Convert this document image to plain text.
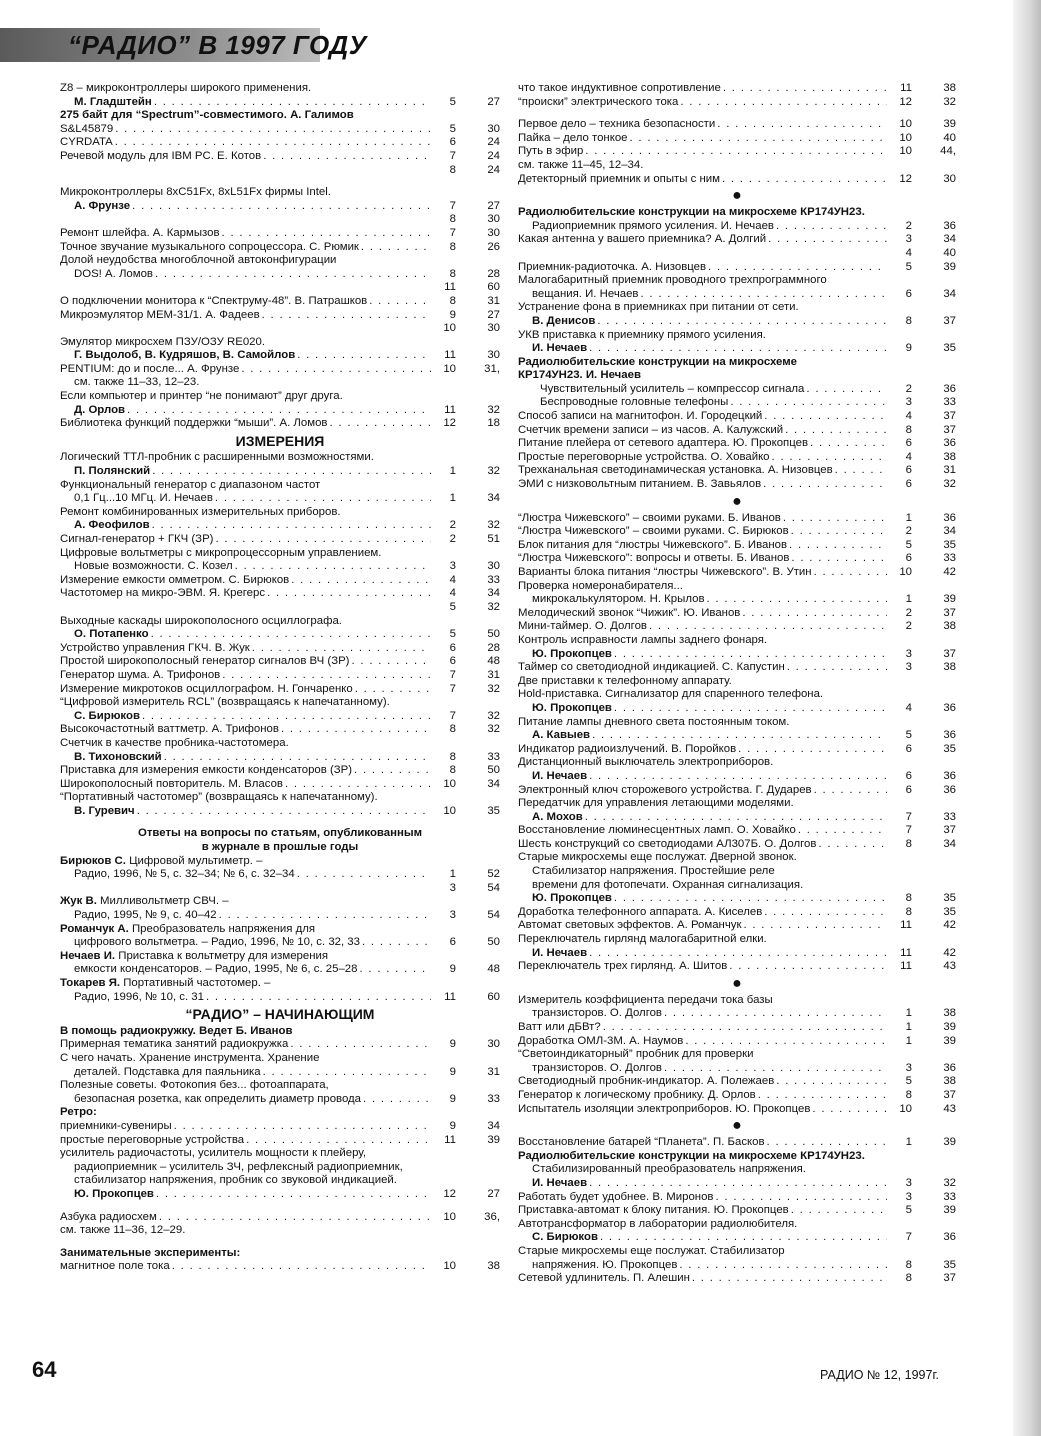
“РАДИО” В 1997 ГОДУ
Z8 – микроконтроллеры широкого применения.
М. Гладштейн . . .	5	27
275 байт для “Spectrum”-совместимого. А. Галимов
S&L45879 . . .	5	30
CYRDATA . . .	6	24
Речевой модуль для IBM PC. Е. Котов . . .	7	24
8	24
Микроконтроллеры 8xC51Fx, 8xL51Fx фирмы Intel.
А. Фрунзе . . .	7	27
8	30
Ремонт шлейфа. А. Кармызов . . .	7	30
Точное звучание музыкального сопроцессора. С. Рюмик . . .	8	26
Долой неудобства многоблочной автоконфигурации
DOS! А. Ломов . . .	8	28
11	60
О подключении монитора к “Спектруму-48”. В. Патрашков . . .	8	31
Микроэмулятор МЕМ-31/1. А. Фадеев . . .	9	27
10	30
Эмулятор микросхем ПЗУ/ОЗУ RE020.
Г. Выдолоб, В. Кудряшов, В. Самойлов . . .	11	30
PENTIUM: до и после... А. Фрунзе . . .	10	31,
см. также 11–33, 12–23.
Если компьютер и принтер “не понимают” друг друга.
Д. Орлов . . .	11	32
Библиотека функций поддержки “мыши”. А. Ломов . . .	12	18
ИЗМЕРЕНИЯ
Логический ТТЛ-пробник с расширенными возможностями.
П. Полянский . . .	1	32
Функциональный генератор с диапазоном частот
0,1 Гц...10 МГц. И. Нечаев . . .	1	34
Ремонт комбинированных измерительных приборов.
А. Феофилов . . .	2	32
Сигнал-генератор + ГКЧ (ЗР) . . .	2	51
Цифровые вольтметры с микропроцессорным управлением.
Новые возможности. С. Козел . . .	3	30
Измерение емкости омметром. С. Бирюков . . .	4	33
Частотомер на микро-ЭВМ. Я. Крегерс . . .	4	34
5	32
Выходные каскады широкополосного осциллографа.
О. Потапенко . . .	5	50
Устройство управления ГКЧ. В. Жук . . .	6	28
Простой широкополосный генератор сигналов ВЧ (ЗР) . . .	6	48
Генератор шума. А. Трифонов . . .	7	31
Измерение микротоков осциллографом. Н. Гончаренко . . .	7	32
“Цифровой измеритель RCL” (возвращаясь к напечатанному).
С. Бирюков . . .	7	32
Высокочастотный ваттметр. А. Трифонов . . .	8	32
Счетчик в качестве пробника-частотомера.
В. Тихоновский . . .	8	33
Приставка для измерения емкости конденсаторов (ЗР) . . .	8	50
Широкополосный повторитель. М. Власов . . .	10	34
“Портативный частотомер” (возвращаясь к напечатанному).
В. Гуревич . . .	10	35
Ответы на вопросы по статьям, опубликованным
в журнале в прошлые годы
Бирюков С. Цифровой мультиметр. –
Радио, 1996, № 5, с. 32–34; № 6, с. 32–34 . . .	1	52
3	54
Жук В. Милливольтметр СВЧ. –
Радио, 1995, № 9, с. 40–42 . . .	3	54
Романчук А. Преобразователь напряжения для
цифрового вольтметра. – Радио, 1996, № 10, с. 32, 33 . . .	6	50
Нечаев И. Приставка к вольтметру для измерения
емкости конденсаторов. – Радио, 1995, № 6, с. 25–28 . . .	9	48
Токарев Я. Портативный частотомер. –
Радио, 1996, № 10, с. 31 . . .	11	60
“РАДИО” – НАЧИНАЮЩИМ
В помощь радиокружку. Ведет Б. Иванов
Примерная тематика занятий радиокружка . . .	9	30
С чего начать. Хранение инструмента. Хранение
деталей. Подставка для паяльника . . .	9	31
Полезные советы. Фотокопия без... фотоаппарата,
безопасная розетка, как определить диаметр провода . . .	9	33
Ретро:
приемники-сувениры . . .	9	34
простые переговорные устройства . . .	11	39
усилитель радиочастоты, усилитель мощности к плейеру,
радиоприемник – усилитель ЗЧ, рефлексный радиоприемник,
стабилизатор напряжения, пробник со звуковой индикацией.
Ю. Прокопцев . . .	12	27
Азбука радиосхем . . .	10	36,
см. также 11–36, 12–29.
Занимательные эксперименты:
магнитное поле тока . . .	10	38
что такое индуктивное сопротивление . . .	11	38
“происки” электрического тока . . .	12	32
Первое дело – техника безопасности . . .	10	39
Пайка – дело тонкое . . .	10	40
Путь в эфир . . .	10	44,
см. также 11–45, 12–34.
Детекторный приемник и опыты с ним . . .	12	30
●
Радиолюбительские конструкции на микросхеме КР174УН23.
Радиоприемник прямого усиления. И. Нечаев . . .	2	36
Какая антенна у вашего приемника? А. Долгий . . .	3	34
4	40
Приемник-радиоточка. А. Низовцев . . .	5	39
Малогабаритный приемник проводного трехпрограммного
вещания. И. Нечаев . . .	6	34
Устранение фона в приемниках при питании от сети.
В. Денисов . . .	8	37
УКВ приставка к приемнику прямого усиления.
И. Нечаев . . .	9	35
Радиолюбительские конструкции на микросхеме
КР174УН23. И. Нечаев
Чувствительный усилитель – компрессор сигнала . . .	2	36
Беспроводные головные телефоны . . .	3	33
Способ записи на магнитофон. И. Городецкий . . .	4	37
Счетчик времени записи – из часов. А. Калужский . . .	8	37
Питание плейера от сетевого адаптера. Ю. Прокопцев . . .	6	36
Простые переговорные устройства. О. Ховайко . . .	4	38
Трехканальная светодинамическая установка. А. Низовцев . . .	6	31
ЭМИ с низковольтным питанием. В. Завьялов . . .	6	32
●
“Люстра Чижевского” – своими руками. Б. Иванов . . .	1	36
“Люстра Чижевского” – своими руками. С. Бирюков . . .	2	34
Блок питания для “люстры Чижевского”. Б. Иванов . . .	5	35
“Люстра Чижевского”: вопросы и ответы. Б. Иванов . . .	6	33
Варианты блока питания “люстры Чижевского”. В. Утин . . .	10	42
Проверка номеронабирателя...
микрокалькулятором. Н. Крылов . . .	1	39
Мелодический звонок “Чижик”. Ю. Иванов . . .	2	37
Мини-таймер. О. Долгов . . .	2	38
Контроль исправности лампы заднего фонаря.
Ю. Прокопцев . . .	3	37
Таймер со светодиодной индикацией. С. Капустин . . .	3	38
Две приставки к телефонному аппарату.
Hold-приставка. Сигнализатор для спаренного телефона.
Ю. Прокопцев . . .	4	36
Питание лампы дневного света постоянным током.
А. Кавыев . . .	5	36
Индикатор радиоизлучений. В. Поройков . . .	6	35
Дистанционный выключатель электроприборов.
И. Нечаев . . .	6	36
Электронный ключ сторожевого устройства. Г. Дударев . . .	6	36
Передатчик для управления летающими моделями.
А. Мохов . . .	7	33
Восстановление люминесцентных ламп. О. Ховайко . . .	7	37
Шесть конструкций со светодиодами АЛ307Б. О. Долгов . . .	8	34
Старые микросхемы еще послужат. Дверной звонок.
Стабилизатор напряжения. Простейшие реле
времени для фотопечати. Охранная сигнализация.
Ю. Прокопцев . . .	8	35
Доработка телефонного аппарата. А. Киселев . . .	8	35
Автомат световых эффектов. А. Романчук . . .	11	42
Переключатель гирлянд малогабаритной елки.
И. Нечаев . . .	11	42
Переключатель трех гирлянд. А. Шитов . . .	11	43
●
Измеритель коэффициента передачи тока базы
транзисторов. О. Долгов . . .	1	38
Ватт или дБВт? . . .	1	39
Доработка ОМЛ-3М. А. Наумов . . .	1	39
“Светоиндикаторный” пробник для проверки
транзисторов. О. Долгов . . .	3	36
Светодиодный пробник-индикатор. А. Полежаев . . .	5	38
Генератор к логическому пробнику. Д. Орлов . . .	8	37
Испытатель изоляции электроприборов. Ю. Прокопцев . . .	10	43
●
Восстановление батарей “Планета”. П. Басков . . .	1	39
Радиолюбительские конструкции на микросхеме КР174УН23.
Стабилизированный преобразователь напряжения.
И. Нечаев . . .	3	32
Работать будет удобнее. В. Миронов . . .	3	33
Приставка-автомат к блоку питания. Ю. Прокопцев . . .	5	39
Автотрансформатор в лаборатории радиолюбителя.
С. Бирюков . . .	7	36
Старые микросхемы еще послужат. Стабилизатор
напряжения. Ю. Прокопцев . . .	8	35
Сетевой удлинитель. П. Алешин . . .	8	37
64	РАДИО № 12, 1997г.
